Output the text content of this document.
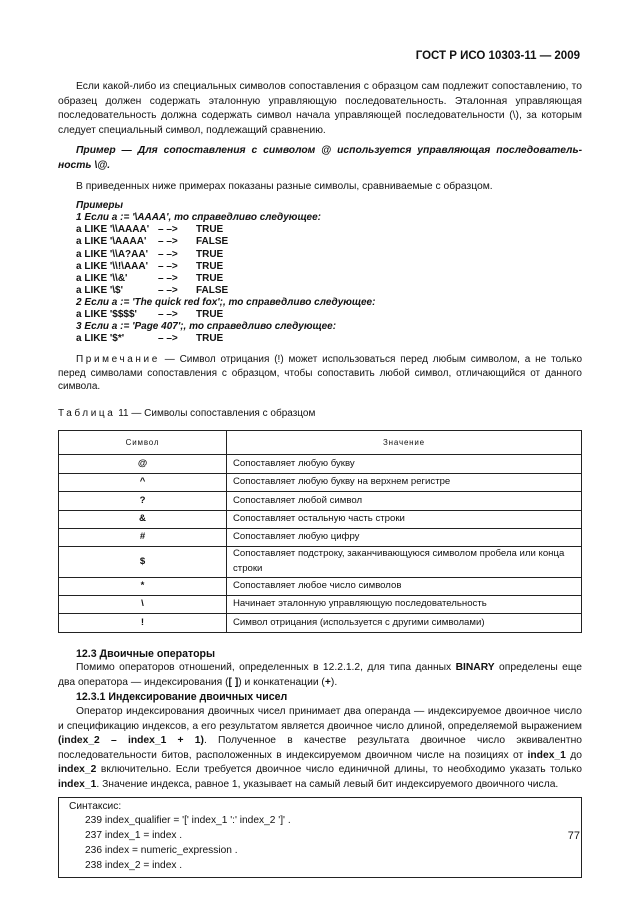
ГОСТ Р ИСО 10303-11 — 2009

Если какой-либо из специальных символов сопоставления с образцом сам подлежит сопоставлению, то образец должен содержать эталонную управляющую последовательность. Эталонная управляющая последовательность должна содержать символ начала управляющей последовательности (\), за которым следует специальный символ, подлежащий сравнению.

Пример — Для сопоставления с символом @ используется управляющая последователь-ность \@.

В приведенных ниже примерах показаны разные символы, сравниваемые с образцом.

Примеры
1 Если a := '\AAAA', то справедливо следующее:
a LIKE '\\AAAA' – –>	TRUE
a LIKE '\AAAA'	– –>	FALSE
a LIKE '\\A?AA'	– –>	TRUE
a LIKE '\\!\AAA'	– –>	TRUE
a LIKE '\\&'	– –>	TRUE
a LIKE '\$'	– –>	FALSE
2 Если a := 'The quick red fox';, то справедливо следующее:
a LIKE '$$$$'	– –>	TRUE
3 Если a := 'Page 407';, то справедливо следующее:
a LIKE '$*'	– –>	TRUE

Примечание — Символ отрицания (!) может использоваться перед любым символом, а не только перед символами сопоставления с образцом, чтобы сопоставить любой символ, отличающийся от данного символа.

Таблица 11 — Символы сопоставления с образцом
Символ	Значение
@	Сопоставляет любую букву
^	Сопоставляет любую букву на верхнем регистре
?	Сопоставляет любой символ
&	Сопоставляет остальную часть строки
#	Сопоставляет любую цифру
$	Сопоставляет подстроку, заканчивающуюся символом пробела или конца строки
*	Сопоставляет любое число символов
\	Начинает эталонную управляющую последовательность
!	Символ отрицания (используется с другими символами)
12.3 Двоичные операторы

Помимо операторов отношений, определенных в 12.2.1.2, для типа данных BINARY определены еще два оператора — индексирования ([ ]) и конкатенации (+).

12.3.1 Индексирование двоичных чисел

Оператор индексирования двоичных чисел принимает два операнда — индексируемое двоичное число и спецификацию индексов, а его результатом является двоичное число длиной, определяемой выражением (index_2 – index_1 + 1). Полученное в качестве результата двоичное число эквивалентно последовательности битов, расположенных в индексируемом двоичном числе на позициях от index_1 до index_2 включительно. Если требуется двоичное число единичной длины, то необходимо указать только index_1. Значение индекса, равное 1, указывает на самый левый бит индексируемого двоичного числа.

Синтаксис:
239 index_qualifier = '[' index_1 ':' index_2 ']' .
237 index_1 = index .
236 index = numeric_expression .
238 index_2 = index .
77
